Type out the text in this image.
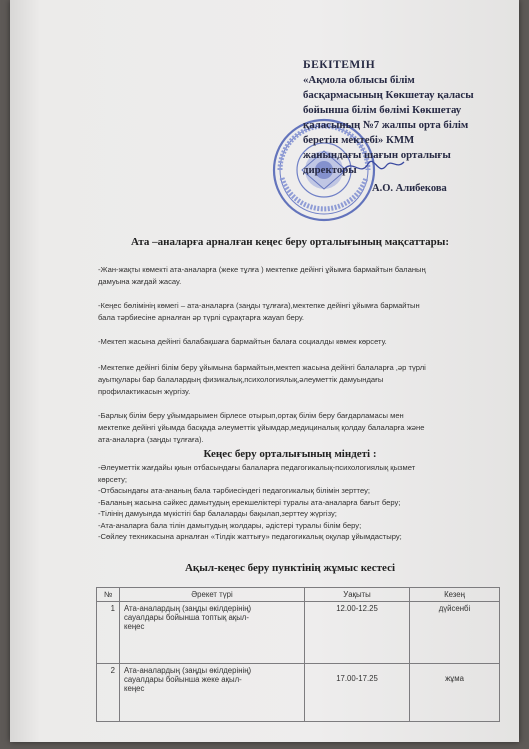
БЕКІТЕМІН
«Ақмола облысы білім
басқармасының Көкшетау қаласы
бойынша білім бөлімі Көкшетау
қаласының №7 жалпы орта білім
беретін мектебі» КММ
жанындағы шағын орталығы
директоры
А.О. Алибекова
Ата –аналарға арналған кеңес беру орталығының мақсаттары:
-Жан-жақты көмекті ата-аналарға (жеке тұлға ) мектепке дейінгі ұйымға бармайтын баланың
дамуына жағдай жасау.
-Кеңес бөлімінің көмегі – ата-аналарға (заңды тұлғаға),мектепке дейінгі ұйымға бармайтын
бала тәрбиесіне арналған әр түрлі сұрақтарға жауап беру.
-Мектеп жасына дейінгі балабақшаға бармайтын балаға социалды көмек көрсету.
-Мектепке дейінгі білім беру ұйымына бармайтын,мектеп жасына дейінгі балаларға ,әр түрлі
ауытқулары бар балалардың физикалық,психологиялық,әлеуметтік дамуындағы
профилактикасын жүргізу.
-Барлық білім беру ұйымдарымен бірлесе отырып,ортақ білім беру бағдарламасы мен
мектепке дейінгі ұйымда басқада әлеуметтік ұйымдар,медициналық қолдау балаларға және
ата-аналарға (заңды тұлғаға).
Кеңес беру орталығының міндеті :
-Әлеуметтік жағдайы қиын отбасындағы балаларға педагогикалық-психологиялық қызмет
көрсету;
-Отбасындағы ата-ананың бала тәрбиесіндегі педагогикалық білімін зерттеу;
-Баланың жасына сәйкес дамытудың ерекшеліктері туралы ата-аналарға бағыт беру;
-Тілінің дамуында мүкістігі бар балаларды бақылап,зерттеу жүргізу;
-Ата-аналарға бала тілін дамытудың жолдары, әдістері туралы білім беру;
-Сөйлеу техникасына арналған «Тілдік жаттығу» педагогикалық оқулар ұйымдастыру;
Ақыл-кеңес беру пунктінің жұмыс кестесі
№	Әрекет түрі	Уақыты	Кезең
1	Ата-аналардың (заңды өкілдерінің)
сауалдары бойынша топтық ақыл-
кеңес	12.00-12.25	дүйсенбі
2	Ата-аналардың (заңды өкілдерінің)
сауалдары бойынша жеке ақыл-
кеңес	17.00-17.25	жұма
